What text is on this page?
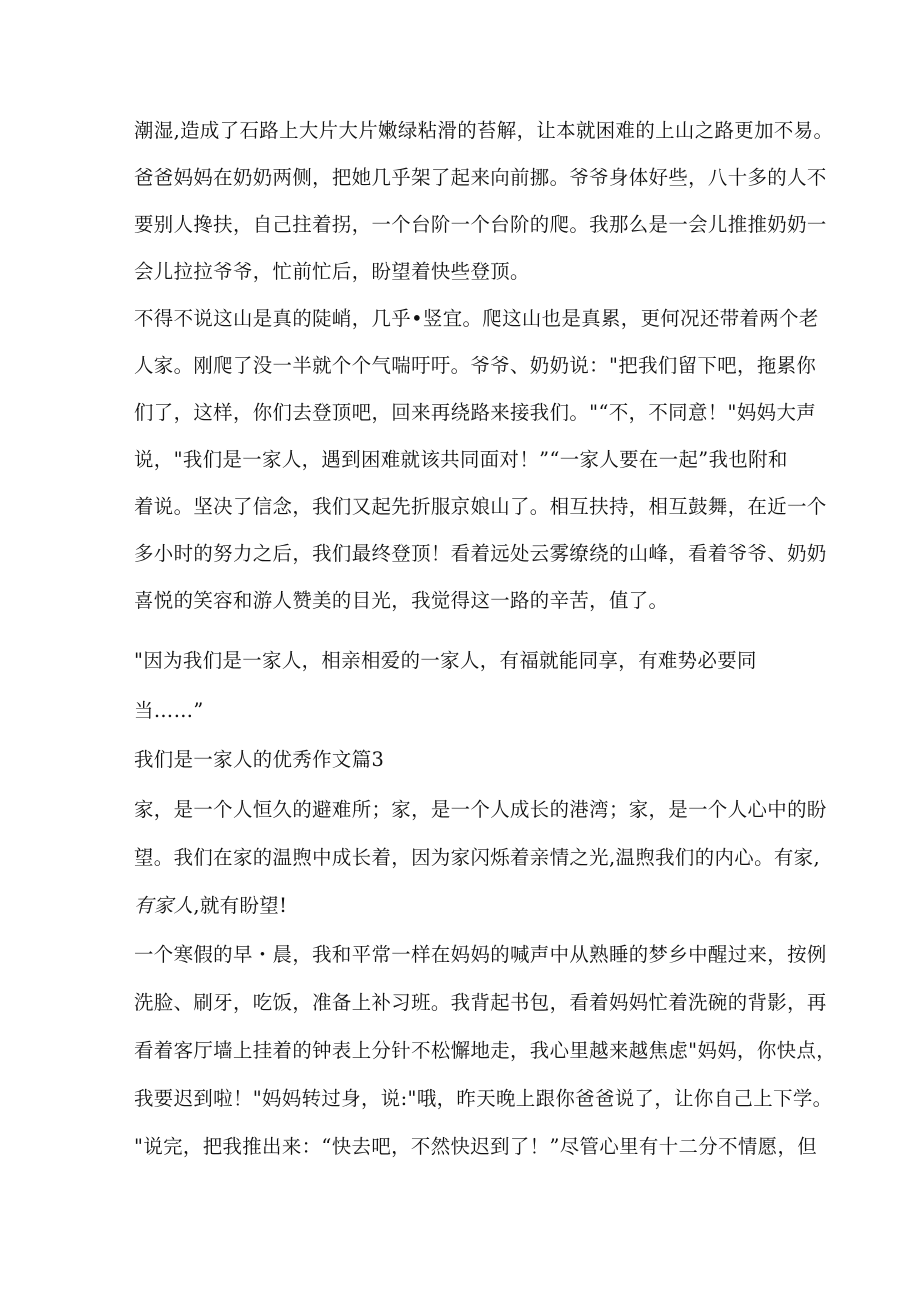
潮湿,造成了石路上大片大片嫩绿粘滑的苔解，让本就困难的上山之路更加不易。
爸爸妈妈在奶奶两侧，把她几乎架了起来向前挪。爷爷身体好些，八十多的人不
要别人搀扶，自己拄着拐，一个台阶一个台阶的爬。我那么是一会儿推推奶奶一
会儿拉拉爷爷，忙前忙后，盼望着快些登顶。
不得不说这山是真的陡峭，几乎•竖宜。爬这山也是真累，更何况还带着两个老
人家。刚爬了没一半就个个气喘吁吁。爷爷、奶奶说："把我们留下吧，拖累你
们了，这样，你们去登顶吧，回来再绕路来接我们。"“不，不同意！"妈妈大声
说，"我们是一家人，遇到困难就该共同面对！”“一家人要在一起”我也附和
着说。坚决了信念，我们又起先折服京娘山了。相互扶持，相互鼓舞，在近一个
多小时的努力之后，我们最终登顶！看着远处云雾缭绕的山峰，看着爷爷、奶奶
喜悦的笑容和游人赞美的目光，我觉得这一路的辛苦，值了。
"因为我们是一家人，相亲相爱的一家人，有福就能同享，有难势必要同
当……”
我们是一家人的优秀作文篇3
家，是一个人恒久的避难所；家，是一个人成长的港湾；家，是一个人心中的盼
望。我们在家的温煦中成长着，因为家闪烁着亲情之光,温煦我们的内心。有家,
有家人,就有盼望!
一个寒假的早・晨，我和平常一样在妈妈的喊声中从熟睡的梦乡中醒过来，按例
洗脸、刷牙，吃饭，准备上补习班。我背起书包，看着妈妈忙着洗碗的背影，再
看着客厅墙上挂着的钟表上分针不松懈地走，我心里越来越焦虑"妈妈，你快点，
我要迟到啦！"妈妈转过身，说:"哦，昨天晚上跟你爸爸说了，让你自己上下学。
"说完，把我推出来：“快去吧，不然快迟到了！”尽管心里有十二分不情愿，但
